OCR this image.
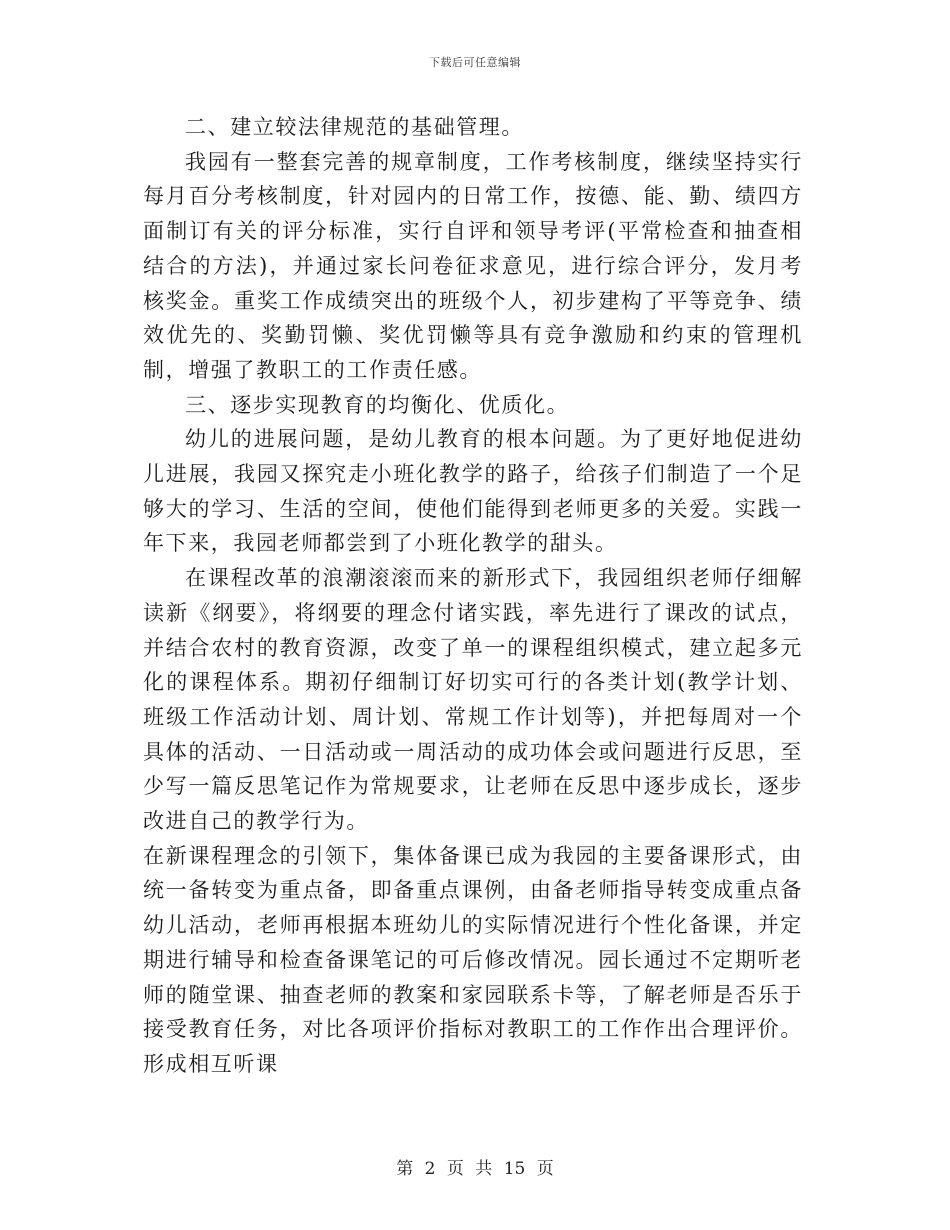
下载后可任意编辑

二、建立较法律规范的基础管理。

我园有一整套完善的规章制度，工作考核制度，继续坚持实行每月百分考核制度，针对园内的日常工作，按德、能、勤、绩四方面制订有关的评分标准，实行自评和领导考评(平常检查和抽查相结合的方法)，并通过家长问卷征求意见，进行综合评分，发月考核奖金。重奖工作成绩突出的班级个人，初步建构了平等竞争、绩效优先的、奖勤罚懒、奖优罚懒等具有竞争激励和约束的管理机制，增强了教职工的工作责任感。

三、逐步实现教育的均衡化、优质化。

幼儿的进展问题，是幼儿教育的根本问题。为了更好地促进幼儿进展，我园又探究走小班化教学的路子，给孩子们制造了一个足够大的学习、生活的空间，使他们能得到老师更多的关爱。实践一年下来，我园老师都尝到了小班化教学的甜头。

在课程改革的浪潮滚滚而来的新形式下，我园组织老师仔细解读新《纲要》，将纲要的理念付诸实践，率先进行了课改的试点，并结合农村的教育资源，改变了单一的课程组织模式，建立起多元化的课程体系。期初仔细制订好切实可行的各类计划(教学计划、班级工作活动计划、周计划、常规工作计划等)，并把每周对一个具体的活动、一日活动或一周活动的成功体会或问题进行反思，至少写一篇反思笔记作为常规要求，让老师在反思中逐步成长，逐步改进自己的教学行为。

在新课程理念的引领下，集体备课已成为我园的主要备课形式，由统一备转变为重点备，即备重点课例，由备老师指导转变成重点备幼儿活动，老师再根据本班幼儿的实际情况进行个性化备课，并定期进行辅导和检查备课笔记的可后修改情况。园长通过不定期听老师的随堂课、抽查老师的教案和家园联系卡等，了解老师是否乐于接受教育任务，对比各项评价指标对教职工的工作作出合理评价。形成相互听课

第 2 页 共 15 页
